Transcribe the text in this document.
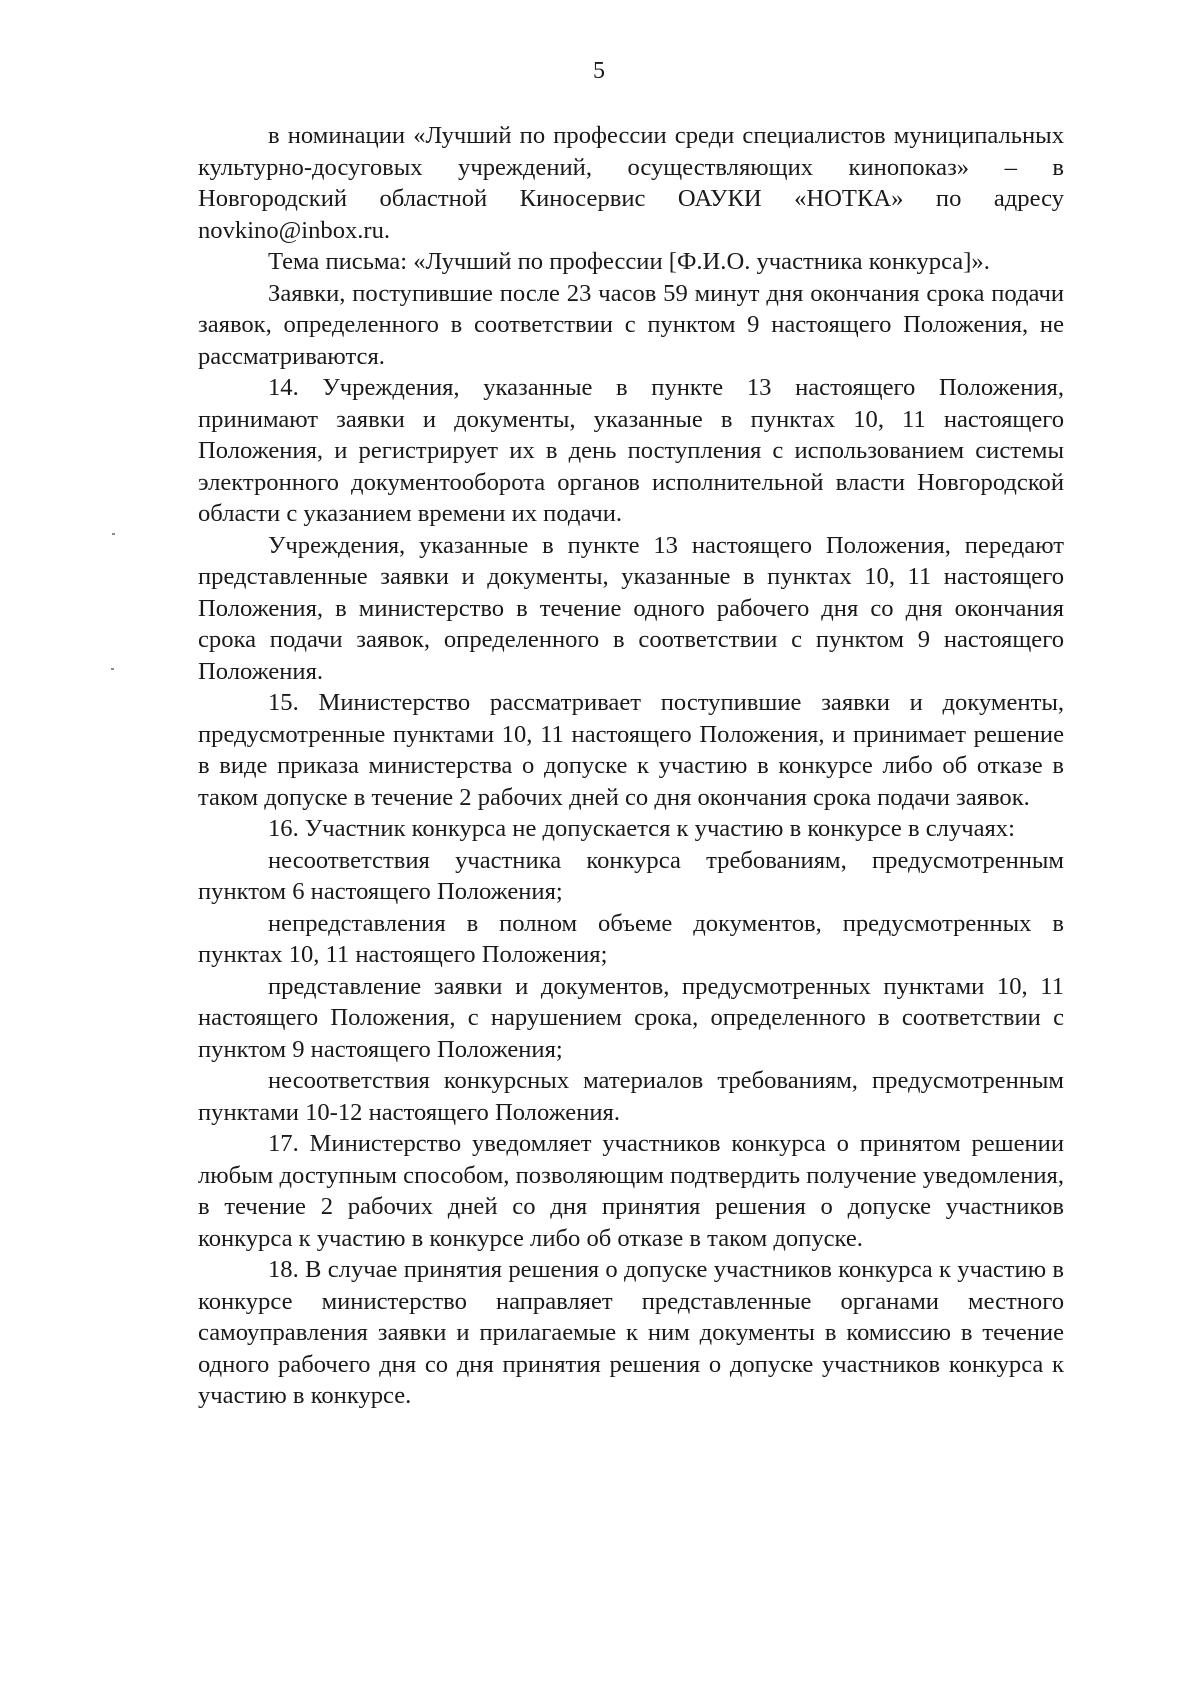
5

в номинации «Лучший по профессии среди специалистов муниципальных культурно-досуговых учреждений, осуществляющих кинопоказ» – в Новгородский областной Киносервис ОАУКИ «НОТКА» по адресу novkino@inbox.ru.

Тема письма: «Лучший по профессии [Ф.И.О. участника конкурса]».

Заявки, поступившие после 23 часов 59 минут дня окончания срока подачи заявок, определенного в соответствии с пунктом 9 настоящего Положения, не рассматриваются.

14. Учреждения, указанные в пункте 13 настоящего Положения, принимают заявки и документы, указанные в пунктах 10, 11 настоящего Положения, и регистрирует их в день поступления с использованием системы электронного документооборота органов исполнительной власти Новгородской области с указанием времени их подачи.

Учреждения, указанные в пункте 13 настоящего Положения, передают представленные заявки и документы, указанные в пунктах 10, 11 настоящего Положения, в министерство в течение одного рабочего дня со дня окончания срока подачи заявок, определенного в соответствии с пунктом 9 настоящего Положения.

15. Министерство рассматривает поступившие заявки и документы, предусмотренные пунктами 10, 11 настоящего Положения, и принимает решение в виде приказа министерства о допуске к участию в конкурсе либо об отказе в таком допуске в течение 2 рабочих дней со дня окончания срока подачи заявок.

16. Участник конкурса не допускается к участию в конкурсе в случаях:

несоответствия участника конкурса требованиям, предусмотренным пунктом 6 настоящего Положения;

непредставления в полном объеме документов, предусмотренных в пунктах 10, 11 настоящего Положения;

представление заявки и документов, предусмотренных пунктами 10, 11 настоящего Положения, с нарушением срока, определенного в соответствии с пунктом 9 настоящего Положения;

несоответствия конкурсных материалов требованиям, предусмотренным пунктами 10-12 настоящего Положения.

17. Министерство уведомляет участников конкурса о принятом решении любым доступным способом, позволяющим подтвердить получение уведомления, в течение 2 рабочих дней со дня принятия решения о допуске участников конкурса к участию в конкурсе либо об отказе в таком допуске.

18. В случае принятия решения о допуске участников конкурса к участию в конкурсе министерство направляет представленные органами местного самоуправления заявки и прилагаемые к ним документы в комиссию в течение одного рабочего дня со дня принятия решения о допуске участников конкурса к участию в конкурсе.
